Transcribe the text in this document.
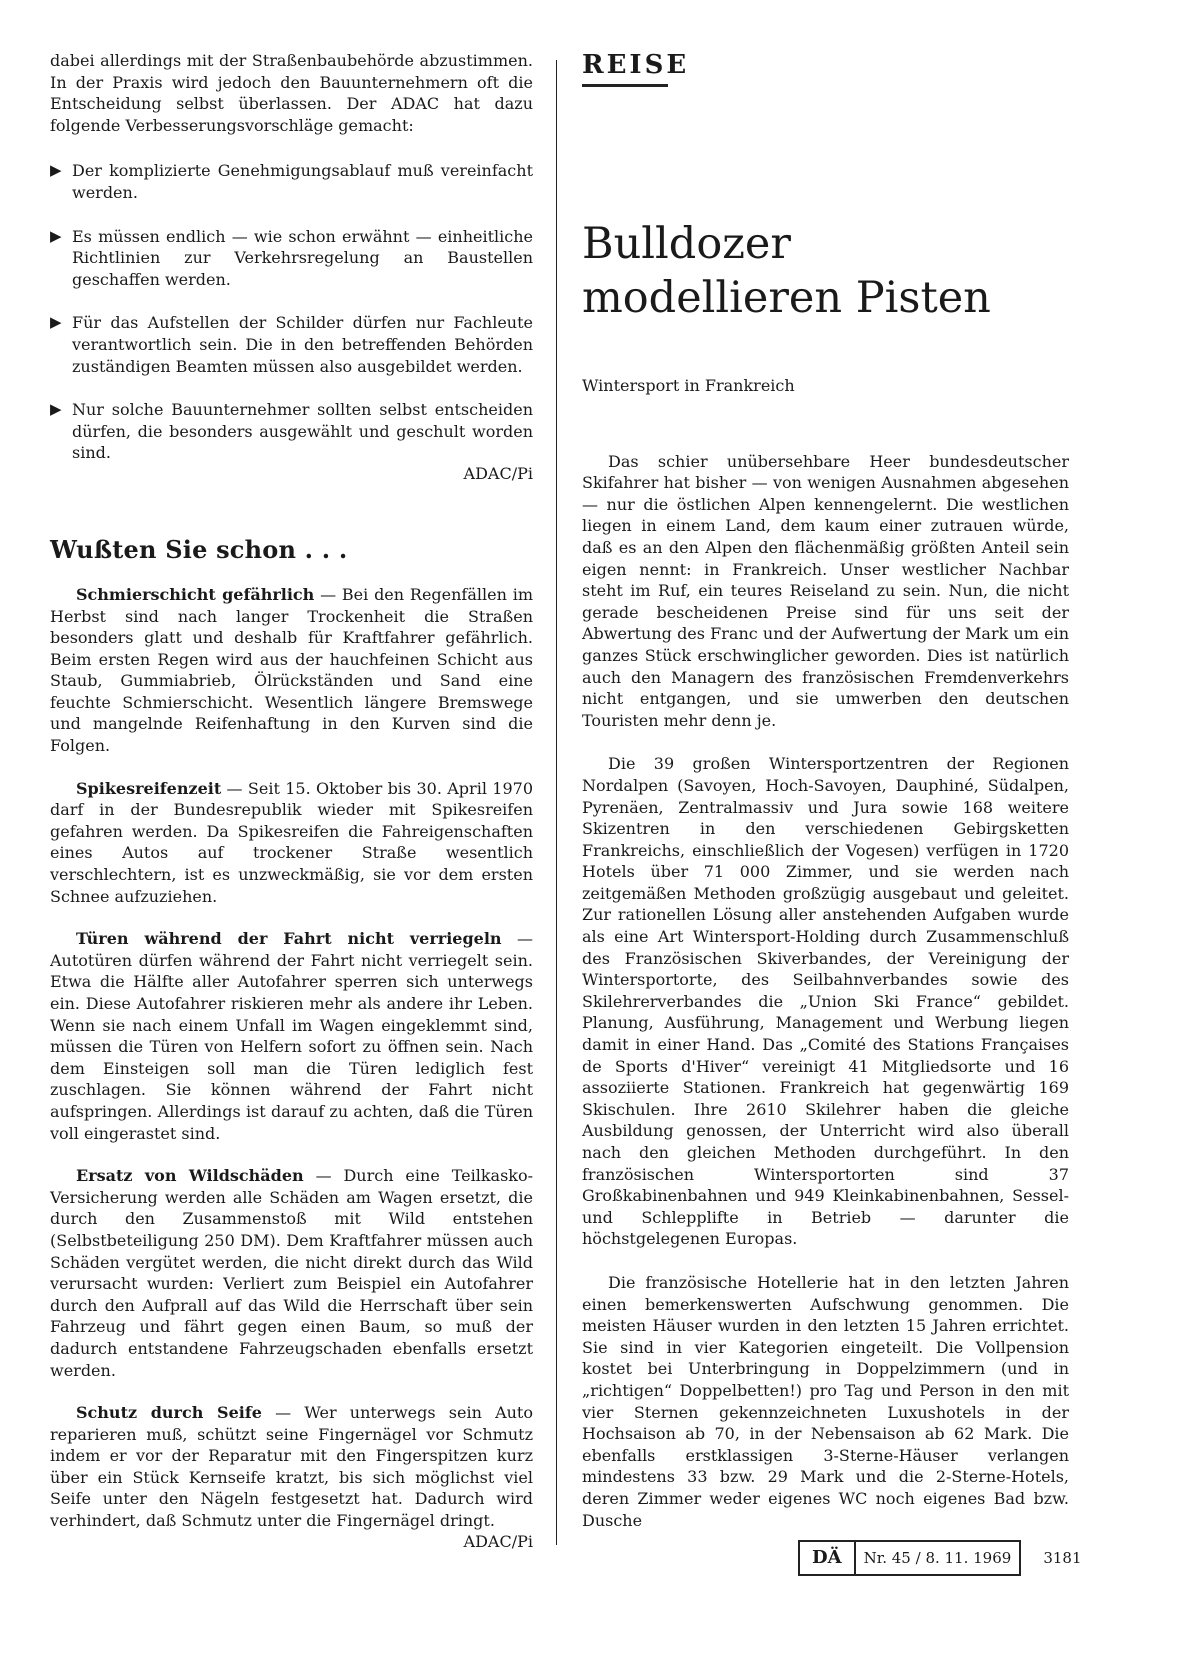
dabei allerdings mit der Straßenbaubehörde abzustimmen. In der Praxis wird jedoch den Bauunternehmern oft die Entscheidung selbst überlassen. Der ADAC hat dazu folgende Verbesserungsvorschläge gemacht:

▶ Der komplizierte Genehmigungsablauf muß vereinfacht werden.

▶ Es müssen endlich — wie schon erwähnt — einheitliche Richtlinien zur Verkehrsregelung an Baustellen geschaffen werden.

▶ Für das Aufstellen der Schilder dürfen nur Fachleute verantwortlich sein. Die in den betreffenden Behörden zuständigen Beamten müssen also ausgebildet werden.

▶ Nur solche Bauunternehmer sollten selbst entscheiden dürfen, die besonders ausgewählt und geschult worden sind.

ADAC/Pi
Wußten Sie schon . . .

Schmierschicht gefährlich — Bei den Regenfällen im Herbst sind nach langer Trockenheit die Straßen besonders glatt und deshalb für Kraftfahrer gefährlich. Beim ersten Regen wird aus der hauchfeinen Schicht aus Staub, Gummiabrieb, Ölrückständen und Sand eine feuchte Schmierschicht. Wesentlich längere Bremswege und mangelnde Reifenhaftung in den Kurven sind die Folgen.

Spikesreifenzeit — Seit 15. Oktober bis 30. April 1970 darf in der Bundesrepublik wieder mit Spikesreifen gefahren werden. Da Spikesreifen die Fahreigenschaften eines Autos auf trockener Straße wesentlich verschlechtern, ist es unzweckmäßig, sie vor dem ersten Schnee aufzuziehen.

Türen während der Fahrt nicht verriegeln — Autotüren dürfen während der Fahrt nicht verriegelt sein. Etwa die Hälfte aller Autofahrer sperren sich unterwegs ein. Diese Autofahrer riskieren mehr als andere ihr Leben. Wenn sie nach einem Unfall im Wagen eingeklemmt sind, müssen die Türen von Helfern sofort zu öffnen sein. Nach dem Einsteigen soll man die Türen lediglich fest zuschlagen. Sie können während der Fahrt nicht aufspringen. Allerdings ist darauf zu achten, daß die Türen voll eingerastet sind.

Ersatz von Wildschäden — Durch eine Teilkasko-Versicherung werden alle Schäden am Wagen ersetzt, die durch den Zusammenstoß mit Wild entstehen (Selbstbeteiligung 250 DM). Dem Kraftfahrer müssen auch Schäden vergütet werden, die nicht direkt durch das Wild verursacht wurden: Verliert zum Beispiel ein Autofahrer durch den Aufprall auf das Wild die Herrschaft über sein Fahrzeug und fährt gegen einen Baum, so muß der dadurch entstandene Fahrzeugschaden ebenfalls ersetzt werden.

Schutz durch Seife — Wer unterwegs sein Auto reparieren muß, schützt seine Fingernägel vor Schmutz indem er vor der Reparatur mit den Fingerspitzen kurz über ein Stück Kernseife kratzt, bis sich möglichst viel Seife unter den Nägeln festgesetzt hat. Dadurch wird verhindert, daß Schmutz unter die Fingernägel dringt.

ADAC/Pi
REISE
Bulldozer
modellieren Pisten

Wintersport in Frankreich

Das schier unübersehbare Heer bundesdeutscher Skifahrer hat bisher — von wenigen Ausnahmen abgesehen — nur die östlichen Alpen kennengelernt. Die westlichen liegen in einem Land, dem kaum einer zutrauen würde, daß es an den Alpen den flächenmäßig größten Anteil sein eigen nennt: in Frankreich. Unser westlicher Nachbar steht im Ruf, ein teures Reiseland zu sein. Nun, die nicht gerade bescheidenen Preise sind für uns seit der Abwertung des Franc und der Aufwertung der Mark um ein ganzes Stück erschwinglicher geworden. Dies ist natürlich auch den Managern des französischen Fremdenverkehrs nicht entgangen, und sie umwerben den deutschen Touristen mehr denn je.

Die 39 großen Wintersportzentren der Regionen Nordalpen (Savoyen, Hoch-Savoyen, Dauphiné, Südalpen, Pyrenäen, Zentralmassiv und Jura sowie 168 weitere Skizentren in den verschiedenen Gebirgsketten Frankreichs, einschließlich der Vogesen) verfügen in 1720 Hotels über 71 000 Zimmer, und sie werden nach zeitgemäßen Methoden großzügig ausgebaut und geleitet. Zur rationellen Lösung aller anstehenden Aufgaben wurde als eine Art Wintersport-Holding durch Zusammenschluß des Französischen Skiverbandes, der Vereinigung der Wintersportorte, des Seilbahnverbandes sowie des Skilehrerverbandes die „Union Ski France“ gebildet. Planung, Ausführung, Management und Werbung liegen damit in einer Hand. Das „Comité des Stations Françaises de Sports d'Hiver“ vereinigt 41 Mitgliedsorte und 16 assoziierte Stationen. Frankreich hat gegenwärtig 169 Skischulen. Ihre 2610 Skilehrer haben die gleiche Ausbildung genossen, der Unterricht wird also überall nach den gleichen Methoden durchgeführt. In den französischen Wintersportorten sind 37 Großkabinenbahnen und 949 Kleinkabinenbahnen, Sessel- und Schlepplifte in Betrieb — darunter die höchstgelegenen Europas.

Die französische Hotellerie hat in den letzten Jahren einen bemerkenswerten Aufschwung genommen. Die meisten Häuser wurden in den letzten 15 Jahren errichtet. Sie sind in vier Kategorien eingeteilt. Die Vollpension kostet bei Unterbringung in Doppelzimmern (und in „richtigen“ Doppelbetten!) pro Tag und Person in den mit vier Sternen gekennzeichneten Luxushotels in der Hochsaison ab 70, in der Nebensaison ab 62 Mark. Die ebenfalls erstklassigen 3-Sterne-Häuser verlangen mindestens 33 bzw. 29 Mark und die 2-Sterne-Hotels, deren Zimmer weder eigenes WC noch eigenes Bad bzw. Dusche

DÄ	Nr. 45 / 8. 11. 1969	3181
